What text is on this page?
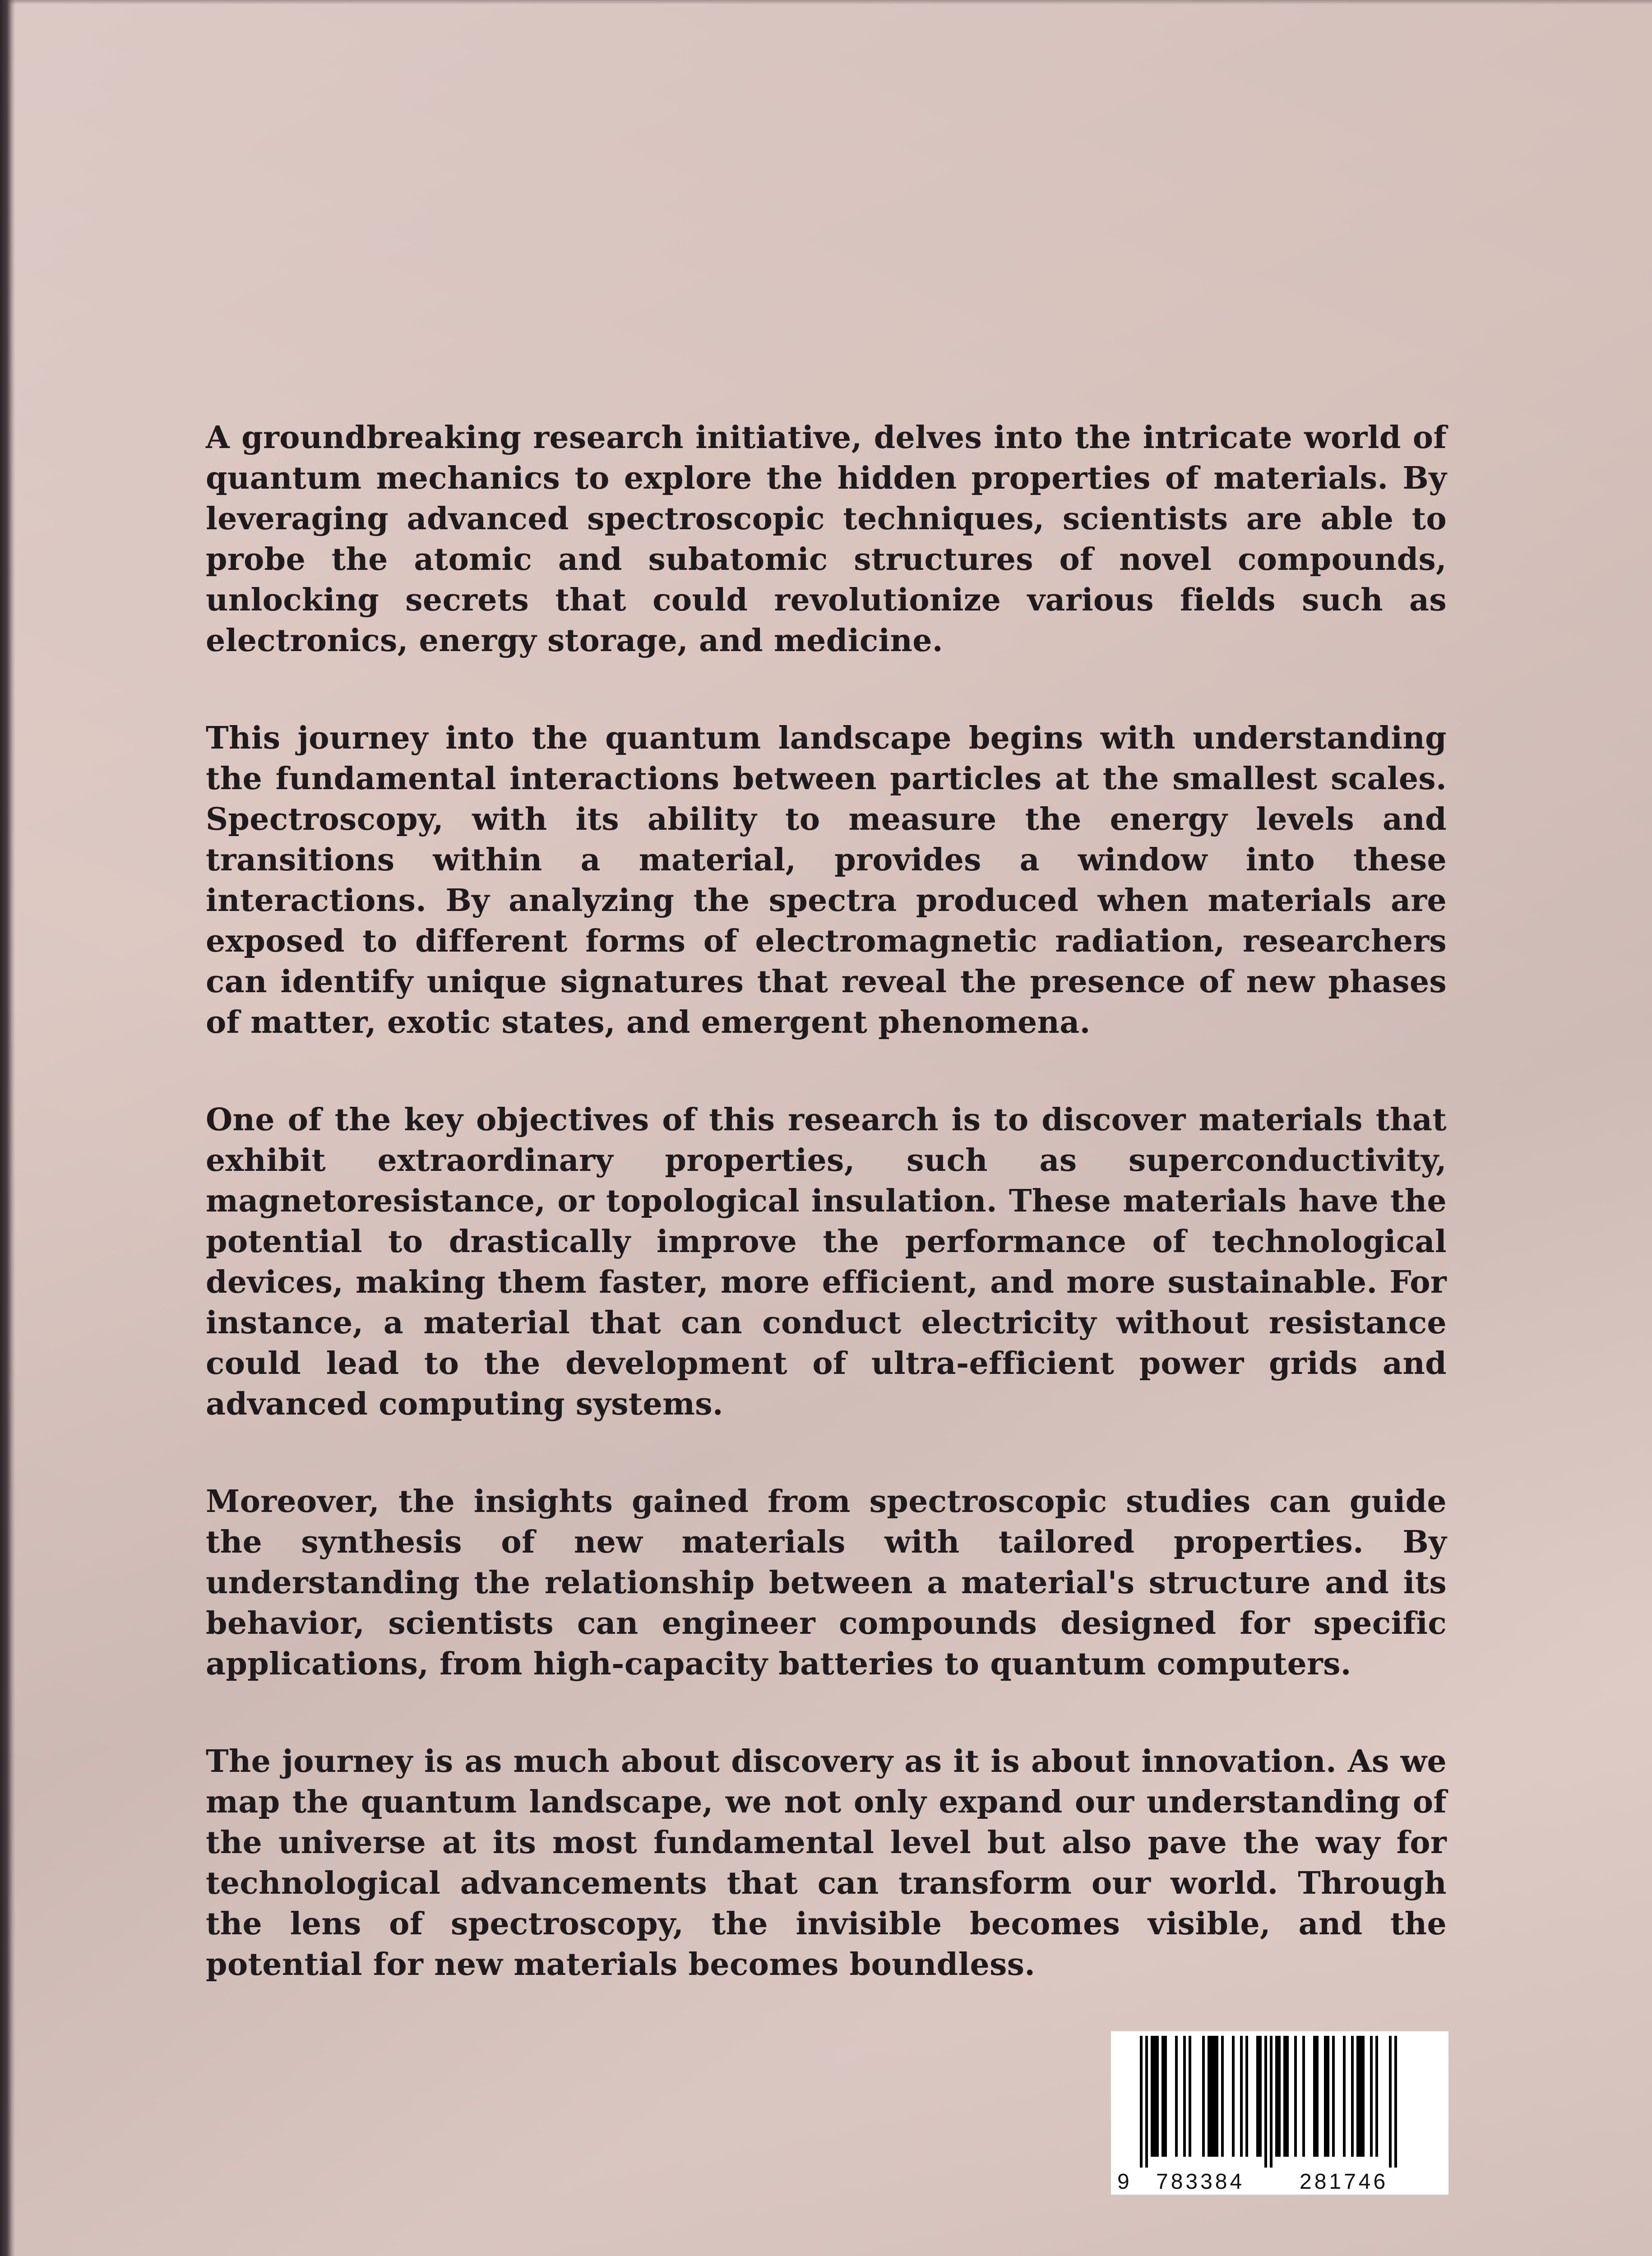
A groundbreaking research initiative, delves into the intricate world of quantum mechanics to explore the hidden properties of materials. By leveraging advanced spectroscopic techniques, scientists are able to probe the atomic and subatomic structures of novel compounds, unlocking secrets that could revolutionize various fields such as electronics, energy storage, and medicine.

This journey into the quantum landscape begins with understanding the fundamental interactions between particles at the smallest scales. Spectroscopy, with its ability to measure the energy levels and transitions within a material, provides a window into these interactions. By analyzing the spectra produced when materials are exposed to different forms of electromagnetic radiation, researchers can identify unique signatures that reveal the presence of new phases of matter, exotic states, and emergent phenomena.

One of the key objectives of this research is to discover materials that exhibit extraordinary properties, such as superconductivity, magnetoresistance, or topological insulation. These materials have the potential to drastically improve the performance of technological devices, making them faster, more efficient, and more sustainable. For instance, a material that can conduct electricity without resistance could lead to the development of ultra-efficient power grids and advanced computing systems.

Moreover, the insights gained from spectroscopic studies can guide the synthesis of new materials with tailored properties. By understanding the relationship between a material's structure and its behavior, scientists can engineer compounds designed for specific applications, from high-capacity batteries to quantum computers.

The journey is as much about discovery as it is about innovation. As we map the quantum landscape, we not only expand our understanding of the universe at its most fundamental level but also pave the way for technological advancements that can transform our world. Through the lens of spectroscopy, the invisible becomes visible, and the potential for new materials becomes boundless.

9 783384	281746
